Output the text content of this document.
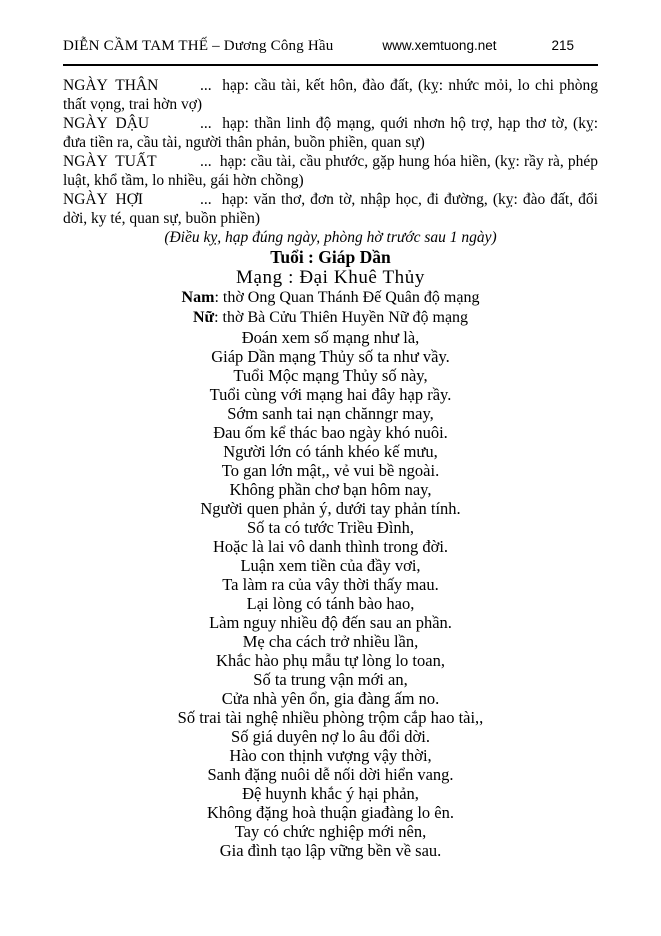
DIỄN CẦM TAM THẾ – Dương Công Hầu	www.xemtuong.net	215

NGÀY  THÂN	...  hạp: cầu tài, kết hôn, đào đất, (kỵ: nhức mỏi, lo chi phòng thất vọng, trai hờn vợ)

NGÀY  DẬU	...  hạp: thần linh độ mạng, quới nhơn hộ trợ, hạp thơ tờ, (kỵ: đưa tiền ra, cầu tài, người thân phản, buồn phiền, quan sự)

NGÀY  TUẤT	...  hạp: cầu tài, cầu phước, gặp hung hóa hiền, (kỵ: rầy rà, phép luật, khổ tầm, lo nhiều, gái hờn chồng)

NGÀY  HỢI	...  hạp: văn thơ, đơn tờ, nhập học, đi đường, (kỵ: đào đất, đổi dời, ky té, quan sự, buồn phiền)

(Điều kỵ, hạp đúng ngày, phòng hờ trước sau 1 ngày)

Tuổi : Giáp Dần
Mạng : Đại Khuê Thủy
Nam: thờ Ong Quan Thánh Đế Quân độ mạng
Nữ: thờ Bà Cửu Thiên Huyền Nữ độ mạng
Đoán xem số mạng như là,
Giáp Dần mạng Thủy số ta như vầy.
Tuổi Mộc mạng Thủy số này,
Tuổi cùng với mạng hai đây hạp rầy.
Sớm sanh tai nạn chănngr may,
Đau ốm kể thác bao ngày khó nuôi.
Người lớn có tánh khéo kế mưu,
To gan lớn mật,, vẻ vui bề ngoài.
Không phần chơ bạn hôm nay,
Người quen phản ý, dưới tay phản tính.
Số ta có tước Triều Đình,
Hoặc là lai vô danh thình trong đời.
Luận xem tiền của đầy vơi,
Ta làm ra của vây thời thấy mau.
Lại lòng có tánh bào hao,
Làm nguy nhiều độ đến sau an phần.
Mẹ cha cách trở nhiều lần,
Khắc hào phụ mẫu tự lòng lo toan,
Số ta trung vận mới an,
Cửa nhà yên ổn, gia đàng ấm no.
Số trai tài nghệ nhiều phòng trộm cắp hao tài,,
Số giá duyên nợ lo âu đổi dời.
Hào con thịnh vượng vậy thời,
Sanh đặng nuôi dễ nối dời hiển vang.
Đệ huynh khắc ý hại phản,
Không đặng hoà thuận giađàng lo ên.
Tay có chức nghiệp mới nên,
Gia đình tạo lập vững bền về sau.
